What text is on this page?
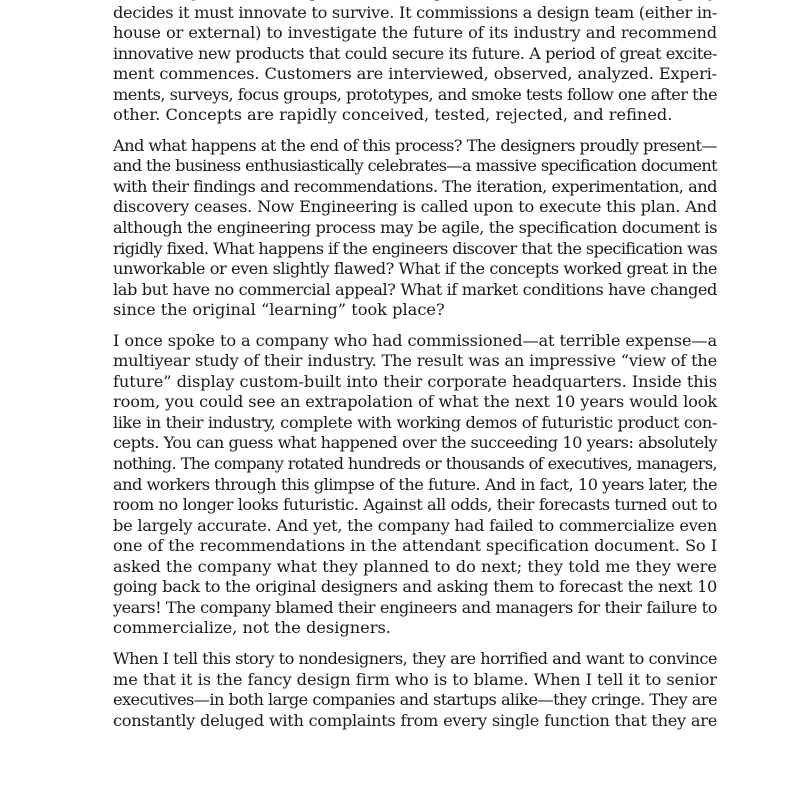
decides it must innovate to survive. It commissions a design team (either in-
house or external) to investigate the future of its industry and recommend
innovative new products that could secure its future. A period of great excite-
ment commences. Customers are interviewed, observed, analyzed. Experi-
ments, surveys, focus groups, prototypes, and smoke tests follow one after the
other. Concepts are rapidly conceived, tested, rejected, and refined.

And what happens at the end of this process? The designers proudly present—
and the business enthusiastically celebrates—a massive specification document
with their findings and recommendations. The iteration, experimentation, and
discovery ceases. Now Engineering is called upon to execute this plan. And
although the engineering process may be agile, the specification document is
rigidly fixed. What happens if the engineers discover that the specification was
unworkable or even slightly flawed? What if the concepts worked great in the
lab but have no commercial appeal? What if market conditions have changed
since the original “learning” took place?

I once spoke to a company who had commissioned—at terrible expense—a
multiyear study of their industry. The result was an impressive “view of the
future” display custom-built into their corporate headquarters. Inside this
room, you could see an extrapolation of what the next 10 years would look
like in their industry, complete with working demos of futuristic product con-
cepts. You can guess what happened over the succeeding 10 years: absolutely
nothing. The company rotated hundreds or thousands of executives, managers,
and workers through this glimpse of the future. And in fact, 10 years later, the
room no longer looks futuristic. Against all odds, their forecasts turned out to
be largely accurate. And yet, the company had failed to commercialize even
one of the recommendations in the attendant specification document. So I
asked the company what they planned to do next; they told me they were
going back to the original designers and asking them to forecast the next 10
years! The company blamed their engineers and managers for their failure to
commercialize, not the designers.

When I tell this story to nondesigners, they are horrified and want to convince
me that it is the fancy design firm who is to blame. When I tell it to senior
executives—in both large companies and startups alike—they cringe. They are
constantly deluged with complaints from every single function that they are
